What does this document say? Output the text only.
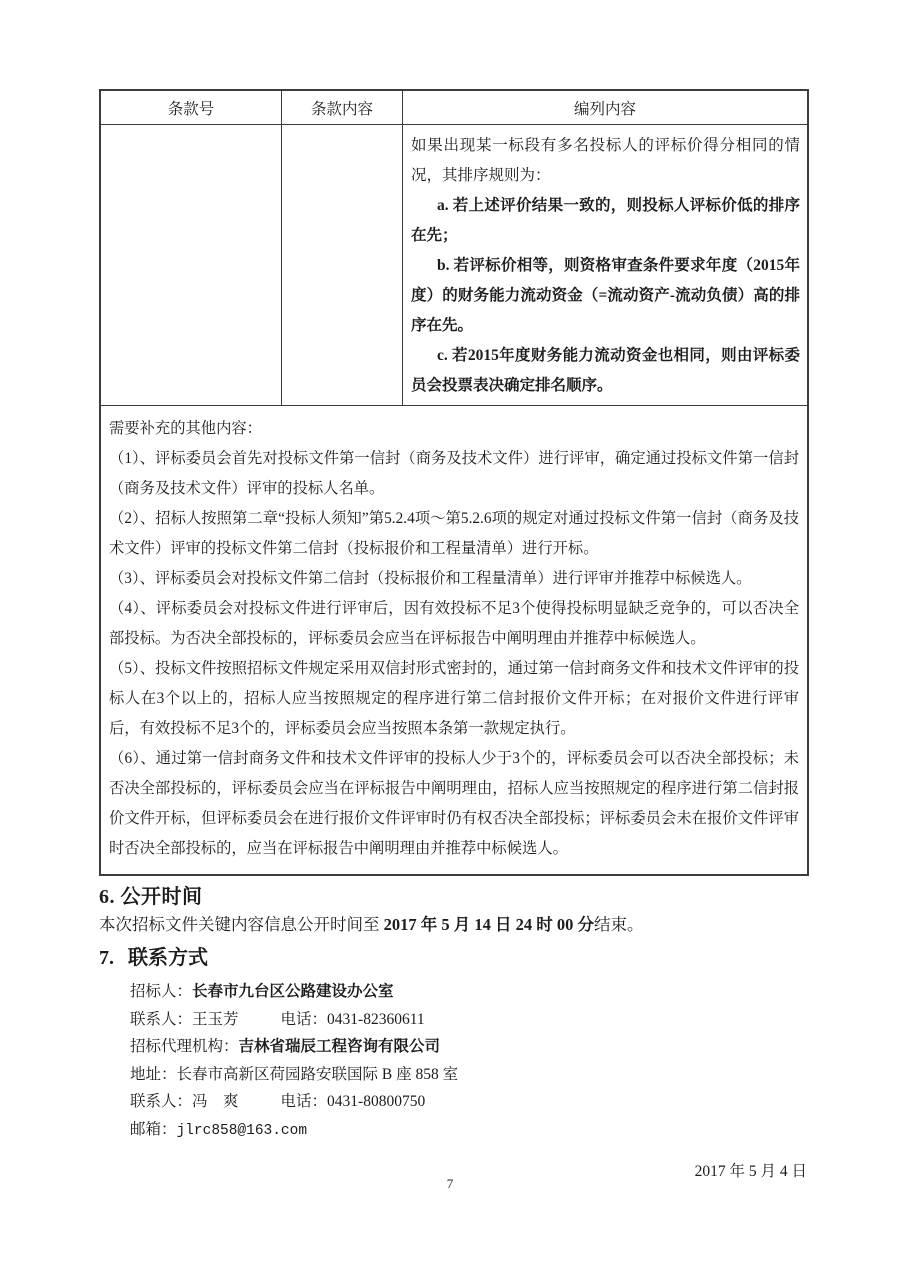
条款号	条款内容	编列内容

如果出现某一标段有多名投标人的评标价得分相同的情况，其排序规则为：

a. 若上述评价结果一致的，则投标人评标价低的排序在先；

b. 若评标价相等，则资格审查条件要求年度（2015年度）的财务能力流动资金（=流动资产-流动负债）高的排序在先。

c. 若2015年度财务能力流动资金也相同，则由评标委员会投票表决确定排名顺序。

需要补充的其他内容：

（1）、评标委员会首先对投标文件第一信封（商务及技术文件）进行评审，确定通过投标文件第一信封（商务及技术文件）评审的投标人名单。

（2）、招标人按照第二章“投标人须知”第5.2.4项～第5.2.6项的规定对通过投标文件第一信封（商务及技术文件）评审的投标文件第二信封（投标报价和工程量清单）进行开标。

（3）、评标委员会对投标文件第二信封（投标报价和工程量清单）进行评审并推荐中标候选人。

（4）、评标委员会对投标文件进行评审后，因有效投标不足3个使得投标明显缺乏竞争的，可以否决全部投标。为否决全部投标的，评标委员会应当在评标报告中阐明理由并推荐中标候选人。

（5）、投标文件按照招标文件规定采用双信封形式密封的，通过第一信封商务文件和技术文件评审的投标人在3个以上的，招标人应当按照规定的程序进行第二信封报价文件开标；在对报价文件进行评审后，有效投标不足3个的，评标委员会应当按照本条第一款规定执行。

（6）、通过第一信封商务文件和技术文件评审的投标人少于3个的，评标委员会可以否决全部投标；未否决全部投标的，评标委员会应当在评标报告中阐明理由，招标人应当按照规定的程序进行第二信封报价文件开标，但评标委员会在进行报价文件评审时仍有权否决全部投标；评标委员会未在报价文件评审时否决全部投标的，应当在评标报告中阐明理由并推荐中标候选人。

6. 公开时间
本次招标文件关键内容信息公开时间至 2017 年 5 月 14 日 24 时 00 分结束。
7. 联系方式
招标人：长春市九台区公路建设办公室
联系人：王玉芳	电话：0431-82360611
招标代理机构：吉林省瑞辰工程咨询有限公司
地址：长春市高新区荷园路安联国际 B 座 858 室
联系人：冯　爽	电话：0431-80800750
邮箱：jlrc858@163.com
2017 年 5 月 4 日
7
